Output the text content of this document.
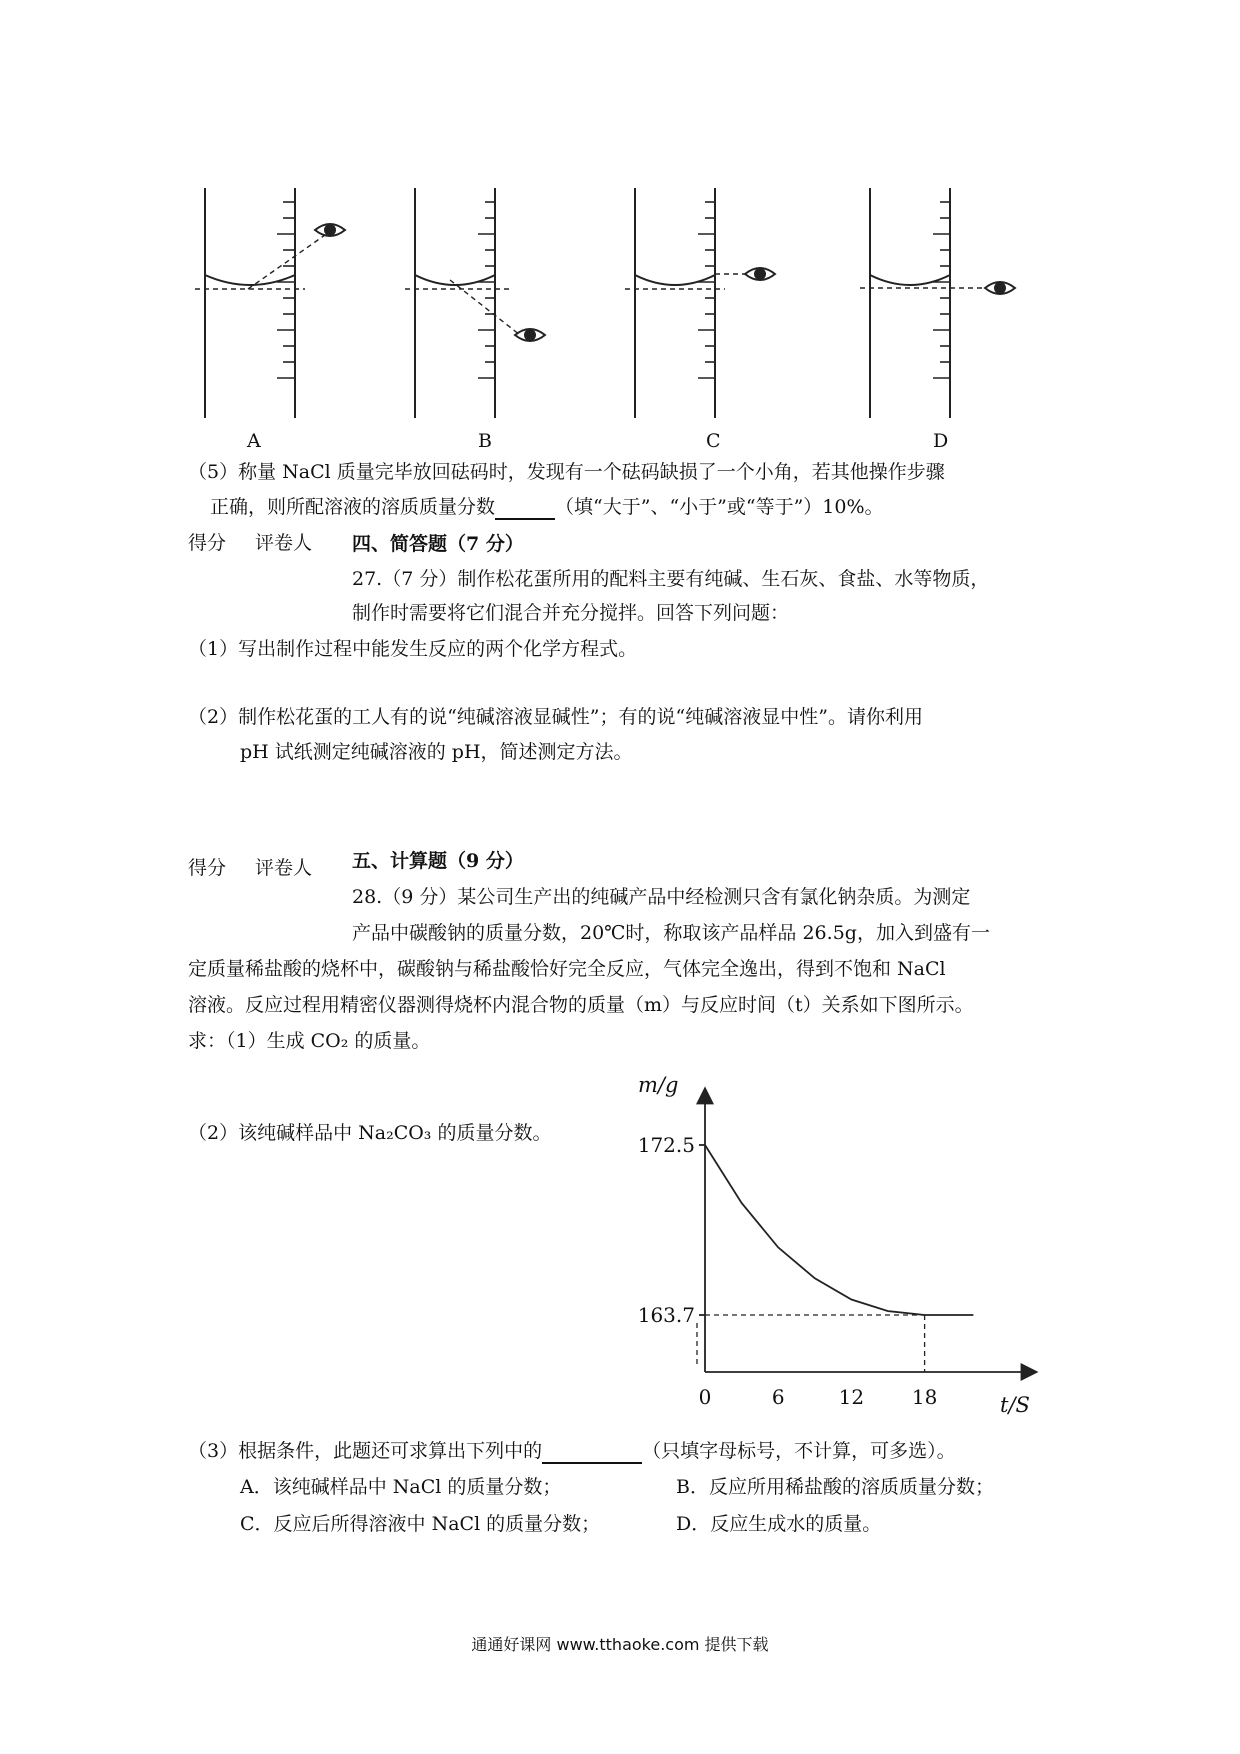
A	B	C	D
（5）称量 NaCl 质量完毕放回砝码时，发现有一个砝码缺损了一个小角，若其他操作步骤
正确，则所配溶液的溶质质量分数	（填“大于”、“小于”或“等于”）10%。
得分 评卷人 四、简答题（7 分）
27.（7 分）制作松花蛋所用的配料主要有纯碱、生石灰、食盐、水等物质，
制作时需要将它们混合并充分搅拌。回答下列问题：
（1）写出制作过程中能发生反应的两个化学方程式。
（2）制作松花蛋的工人有的说“纯碱溶液显碱性”；有的说“纯碱溶液显中性”。请你利用
pH 试纸测定纯碱溶液的 pH，简述测定方法。
得分 评卷人 五、计算题（9 分）
28.（9 分）某公司生产出的纯碱产品中经检测只含有氯化钠杂质。为测定
产品中碳酸钠的质量分数，20℃时，称取该产品样品 26.5g，加入到盛有一
定质量稀盐酸的烧杯中，碳酸钠与稀盐酸恰好完全反应，气体完全逸出，得到不饱和 NaCl
溶液。反应过程用精密仪器测得烧杯内混合物的质量（m）与反应时间（t）关系如下图所示。
求：（1）生成 CO₂ 的质量。
（2）该纯碱样品中 Na₂CO₃ 的质量分数。
m/g
t/S
172.5
163.7
0	6	12 18
（3）根据条件，此题还可求算出下列中的	（只填字母标号，不计算，可多选）。
A．该纯碱样品中 NaCl 的质量分数；	B．反应所用稀盐酸的溶质质量分数；
C．反应后所得溶液中 NaCl 的质量分数；	D．反应生成水的质量。
通通好课网 www.tthaoke.com 提供下载
